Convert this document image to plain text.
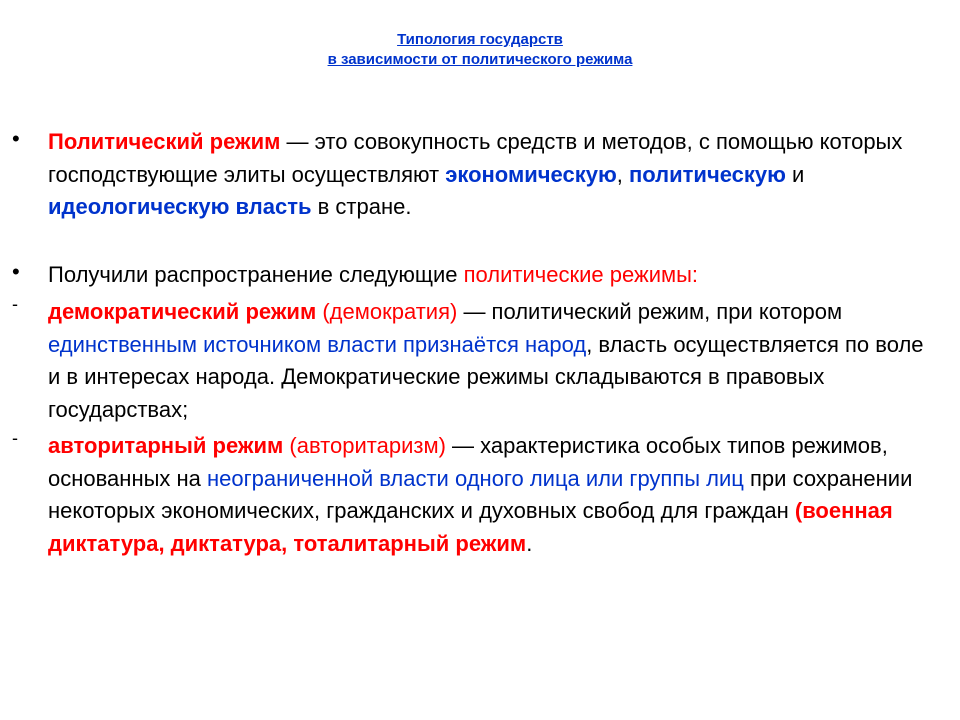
Типология государств
в зависимости от политического режима
• Политический режим — это совокупность средств и методов, с помощью которых господствующие элиты осуществляют экономическую, политическую и идеологическую власть в стране.
• Получили распространение следующие политические режимы:
- демократический режим (демократия) — политический режим, при котором единственным источником власти признаётся народ, власть осуществляется по воле и в интересах народа. Демократические режимы складываются в правовых государствах;
- авторитарный режим (авторитаризм) — характеристика особых типов режимов, основанных на неограниченной власти одного лица или группы лиц при сохранении некоторых экономических, гражданских и духовных свобод для граждан (военная диктатура, диктатура, тоталитарный режим.
